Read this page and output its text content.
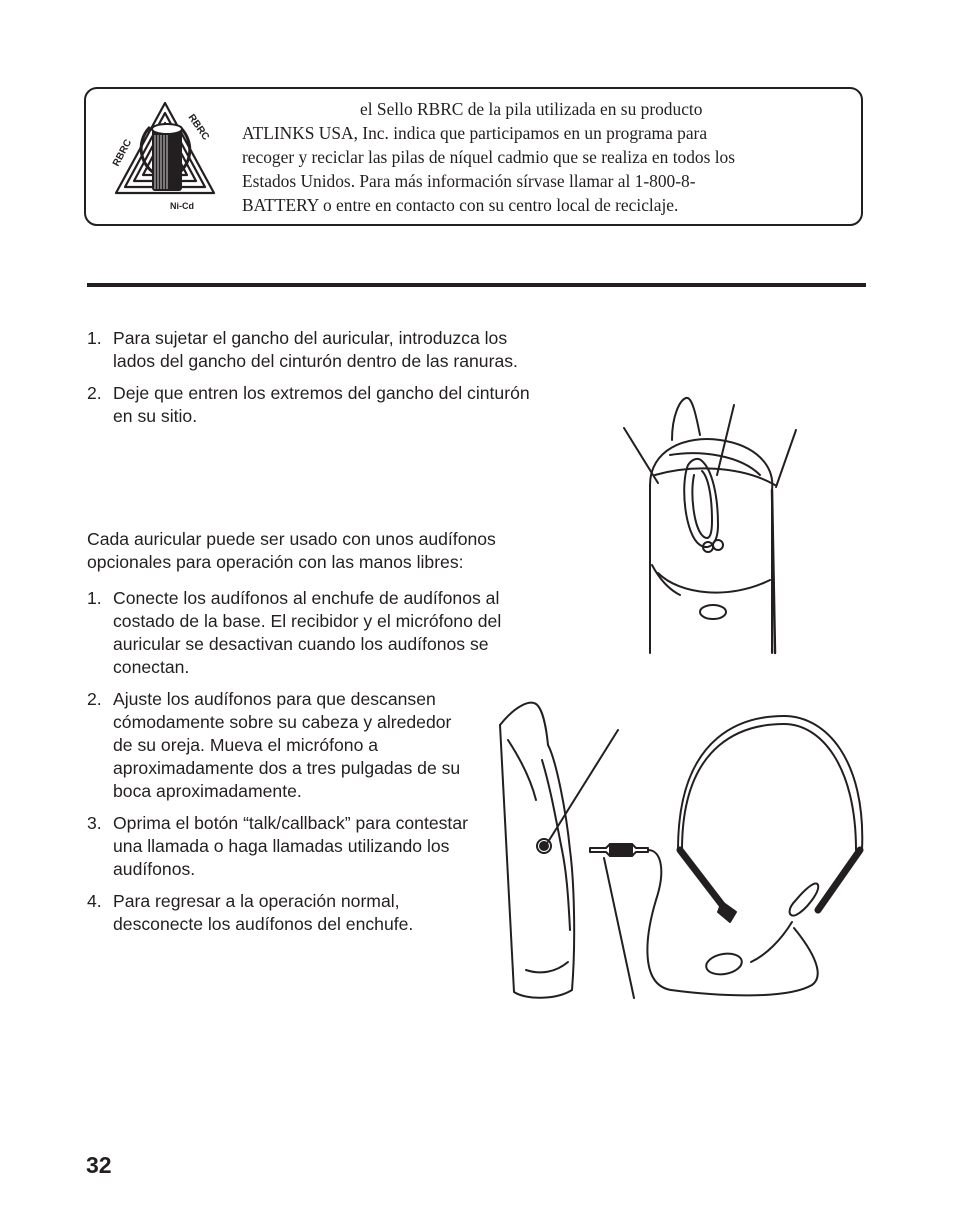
RBRC
RBRC
Ni-Cd

el Sello RBRC de la pila utilizada en su producto
ATLINKS USA, Inc. indica que participamos en un programa para
recoger y reciclar las pilas de níquel cadmio que se realiza en todos los
Estados Unidos. Para más información sírvase llamar al 1-800-8-
BATTERY o entre en contacto con su centro local de reciclaje.

1. Para sujetar el gancho del auricular, introduzca los lados del gancho del cinturón dentro de las ranuras.
2. Deje que entren los extremos del gancho del cinturón en su sitio.

Cada auricular puede ser usado con unos audífonos opcionales para operación con las manos libres:

1. Conecte los audífonos al enchufe de audífonos al costado de la base. El recibidor y el micrófono del auricular se desactivan cuando los audífonos se conectan.
2. Ajuste los audífonos para que descansen cómodamente sobre su cabeza y alrededor de su oreja. Mueva el micrófono a aproximadamente dos a tres pulgadas de su boca aproximadamente.
3. Oprima el botón “talk/callback” para contestar una llamada o haga llamadas utilizando los audífonos.
4. Para regresar a la operación normal, desconecte los audífonos del enchufe.
32
